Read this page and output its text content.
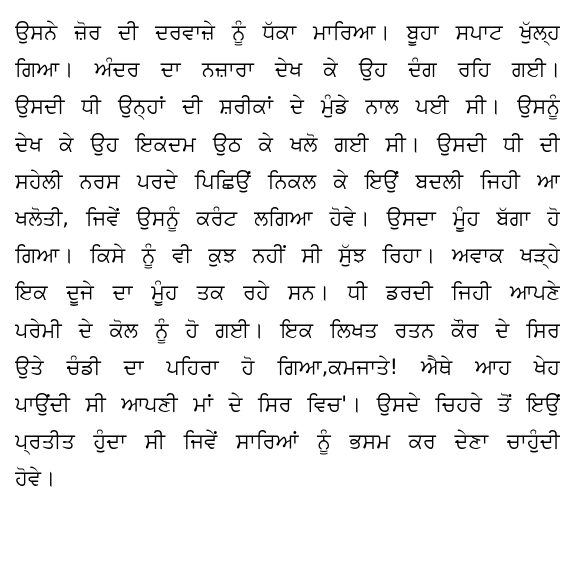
ਉਸਨੇ ਜ਼ੋਰ ਦੀ ਦਰਵਾਜ਼ੇ ਨੂੰ ਧੱਕਾ ਮਾਰਿਆ। ਬੂਹਾ ਸਪਾਟ ਖੁੱਲ੍ਹ
ਗਿਆ। ਅੰਦਰ ਦਾ ਨਜ਼ਾਰਾ ਦੇਖ ਕੇ ਉਹ ਦੰਗ ਰਹਿ ਗਈ।
ਉਸਦੀ ਧੀ ਉਨ੍ਹਾਂ ਦੀ ਸ਼ਰੀਕਾਂ ਦੇ ਮੁੰਡੇ ਨਾਲ ਪਈ ਸੀ। ਉਸਨੂੰ
ਦੇਖ ਕੇ ਉਹ ਇਕਦਮ ਉਠ ਕੇ ਖਲੋ ਗਈ ਸੀ। ਉਸਦੀ ਧੀ ਦੀ
ਸਹੇਲੀ ਨਰਸ ਪਰਦੇ ਪਿਛਿਉਂ ਨਿਕਲ ਕੇ ਇਉਂ ਬਦਲੀ ਜਿਹੀ ਆ
ਖਲੋਤੀ, ਜਿਵੇਂ ਉਸਨੂੰ ਕਰੰਟ ਲਗਿਆ ਹੋਵੇ। ਉਸਦਾ ਮੂੰਹ ਬੱਗਾ ਹੋ
ਗਿਆ। ਕਿਸੇ ਨੂੰ ਵੀ ਕੁਝ ਨਹੀਂ ਸੀ ਸੁੱਝ ਰਿਹਾ। ਅਵਾਕ ਖੜ੍ਹੇ
ਇਕ ਦੂਜੇ ਦਾ ਮੂੰਹ ਤਕ ਰਹੇ ਸਨ। ਧੀ ਡਰਦੀ ਜਿਹੀ ਆਪਣੇ
ਪਰੇਮੀ ਦੇ ਕੋਲ ਨੂੰ ਹੋ ਗਈ। ਇਕ ਲਿਖਤ ਰਤਨ ਕੌਰ ਦੇ ਸਿਰ
ਉਤੇ ਚੰਡੀ ਦਾ ਪਹਿਰਾ ਹੋ ਗਿਆ,ਕਮਜਾਤੇ! ਐਥੇ ਆਹ ਖੇਹ
ਪਾਉਂਦੀ ਸੀ ਆਪਣੀ ਮਾਂ ਦੇ ਸਿਰ ਵਿਚ'। ਉਸਦੇ ਚਿਹਰੇ ਤੋਂ ਇਉਂ
ਪ੍ਰਤੀਤ ਹੁੰਦਾ ਸੀ ਜਿਵੇਂ ਸਾਰਿਆਂ ਨੂੰ ਭਸਮ ਕਰ ਦੇਣਾ ਚਾਹੁੰਦੀ
ਹੋਵੇ।
